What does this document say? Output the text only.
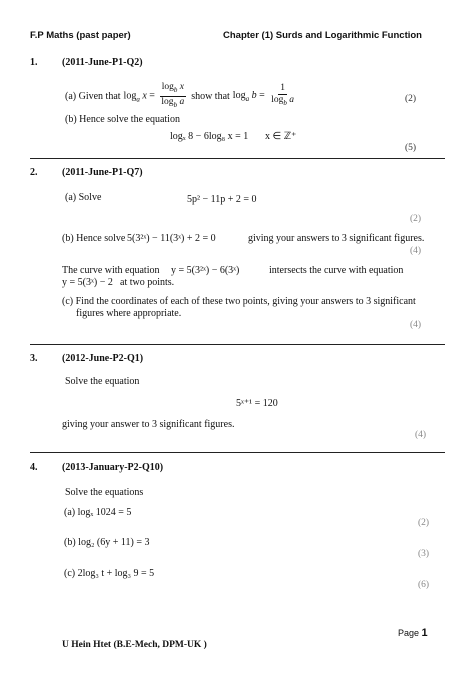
F.P Maths (past paper)	Chapter (1) Surds and Logarithmic Function
1. (2011-June-P1-Q2)
(a) Given that $\log_a x = \frac{\log_b x}{\log_b a}$ show that $\log_a b = \frac{1}{\log_b a}$	(2)
(b) Hence solve the equation
logₓ 8 − 6log₈ x = 1 x ∈ ℤ⁺
(5)
2. (2011-June-P1-Q7)
(a) Solve	5p² − 11p + 2 = 0
(2)
(b) Hence solve 5(3²ˣ) − 11(3ˣ) + 2 = 0	giving your answers to 3 significant figures.
(4)
The curve with equation y = 5(3²ˣ) − 6(3ˣ)	intersects the curve with equation
y = 5(3ˣ) − 2 at two points.
(c) Find the coordinates of each of these two points, giving your answers to 3 significant
figures where appropriate.
(4)
3. (2012-June-P2-Q1)
Solve the equation
5ˣ⁺¹ = 120
giving your answer to 3 significant figures.
(4)
4. (2013-January-P2-Q10)
Solve the equations
(a) logₓ 1024 = 5
(2)
(b) log₂ (6y + 11) = 3
(3)
(c) 2log₃ t + log₃ 9 = 5
(6)
Page 1
U Hein Htet (B.E-Mech, DPM-UK )
